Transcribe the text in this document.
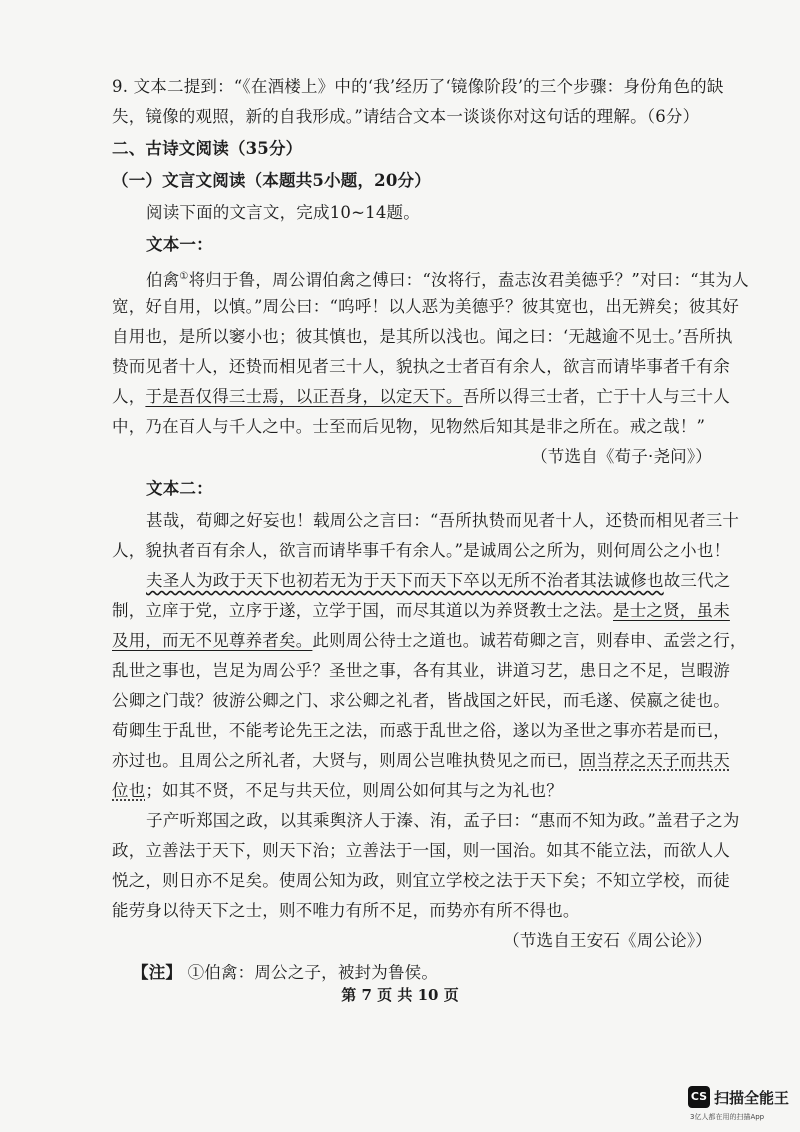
9. 文本二提到：“《在酒楼上》中的‘我’经历了‘镜像阶段’的三个步骤：身份角色的缺
失，镜像的观照，新的自我形成。”请结合文本一谈谈你对这句话的理解。（6分）
二、古诗文阅读（35分）
（一）文言文阅读（本题共5小题，20分）
阅读下面的文言文，完成10~14题。
文本一：
伯禽①将归于鲁，周公谓伯禽之傅曰：“汝将行，盍志汝君美德乎？”对曰：“其为人
宽，好自用，以慎。”周公曰：“呜呼！以人恶为美德乎？彼其宽也，出无辨矣；彼其好
自用也，是所以窭小也；彼其慎也，是其所以浅也。闻之曰：‘无越逾不见士。’吾所执
贽而见者十人，还贽而相见者三十人，貌执之士者百有余人，欲言而请毕事者千有余
人，于是吾仅得三士焉，以正吾身，以定天下。吾所以得三士者，亡于十人与三十人
中，乃在百人与千人之中。士至而后见物，见物然后知其是非之所在。戒之哉！”
（节选自《荀子·尧问》）
文本二：
甚哉，荀卿之好妄也！载周公之言曰：“吾所执贽而见者十人，还贽而相见者三十
人，貌执者百有余人，欲言而请毕事千有余人。”是诚周公之所为，则何周公之小也！
夫圣人为政于天下也初若无为于天下而天下卒以无所不治者其法诚修也故三代之
制，立庠于党，立序于遂，立学于国，而尽其道以为养贤教士之法。是士之贤，虽未
及用，而无不见尊养者矣。此则周公待士之道也。诚若荀卿之言，则春申、孟尝之行，
乱世之事也，岂足为周公乎？圣世之事，各有其业，讲道习艺，患日之不足，岂暇游
公卿之门哉？彼游公卿之门、求公卿之礼者，皆战国之奸民，而毛遂、侯嬴之徒也。
荀卿生于乱世，不能考论先王之法，而惑于乱世之俗，遂以为圣世之事亦若是而已，
亦过也。且周公之所礼者，大贤与，则周公岂唯执贽见之而已，固当荐之天子而共天
位也；如其不贤，不足与共天位，则周公如何其与之为礼也？
子产听郑国之政，以其乘舆济人于溱、洧，孟子曰：“惠而不知为政。”盖君子之为
政，立善法于天下，则天下治；立善法于一国，则一国治。如其不能立法，而欲人人
悦之，则日亦不足矣。使周公知为政，则宜立学校之法于天下矣；不知立学校，而徒
能劳身以待天下之士，则不唯力有所不足，而势亦有所不得也。
（节选自王安石《周公论》）
【注】 ①伯禽：周公之子，被封为鲁侯。
第 7 页 共 10 页
CS 扫描全能王
3亿人都在用的扫描App
